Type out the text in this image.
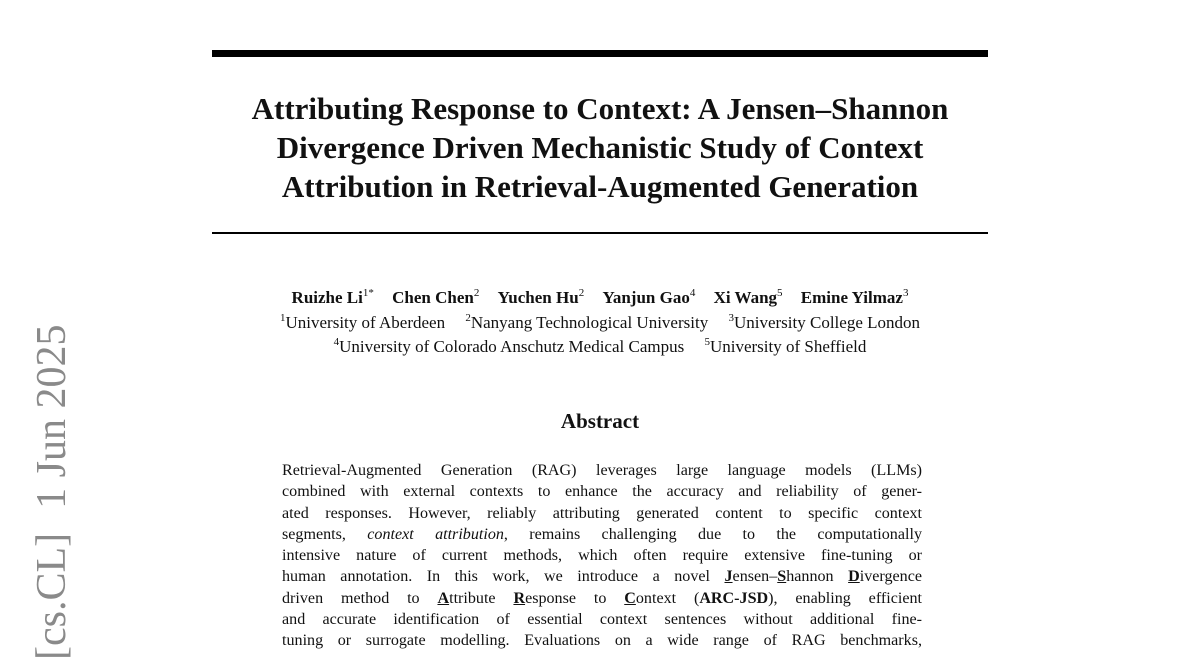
Attributing Response to Context: A Jensen–Shannon
Divergence Driven Mechanistic Study of Context
Attribution in Retrieval-Augmented Generation
Ruizhe $Li^{1*}$ Chen Chen$^2$ Yuchen Hu$^2$ Yanjun Gao$^4$ Xi Wang$^5$ Emine Yilmaz$^3$
$^1$University of Aberdeen $^2$Nanyang Technological University $^3$University College London
$^4$University of Colorado Anschutz Medical Campus $^5$University of Sheffield
Abstract
Retrieval-Augmented Generation (RAG) leverages large language models (LLMs)
combined with external contexts to enhance the accuracy and reliability of gener-
ated responses. However, reliably attributing generated content to specific context
segments, context attribution, remains challenging due to the computationally
intensive nature of current methods, which often require extensive fine-tuning or
human annotation. In this work, we introduce a novel Jensen–Shannon Divergence
driven method to Attribute Response to Context (ARC-JSD), enabling efficient
and accurate identification of essential context sentences without additional fine-
tuning or surrogate modelling. Evaluations on a wide range of RAG benchmarks,
[cs.CL]1 Jun 2025
